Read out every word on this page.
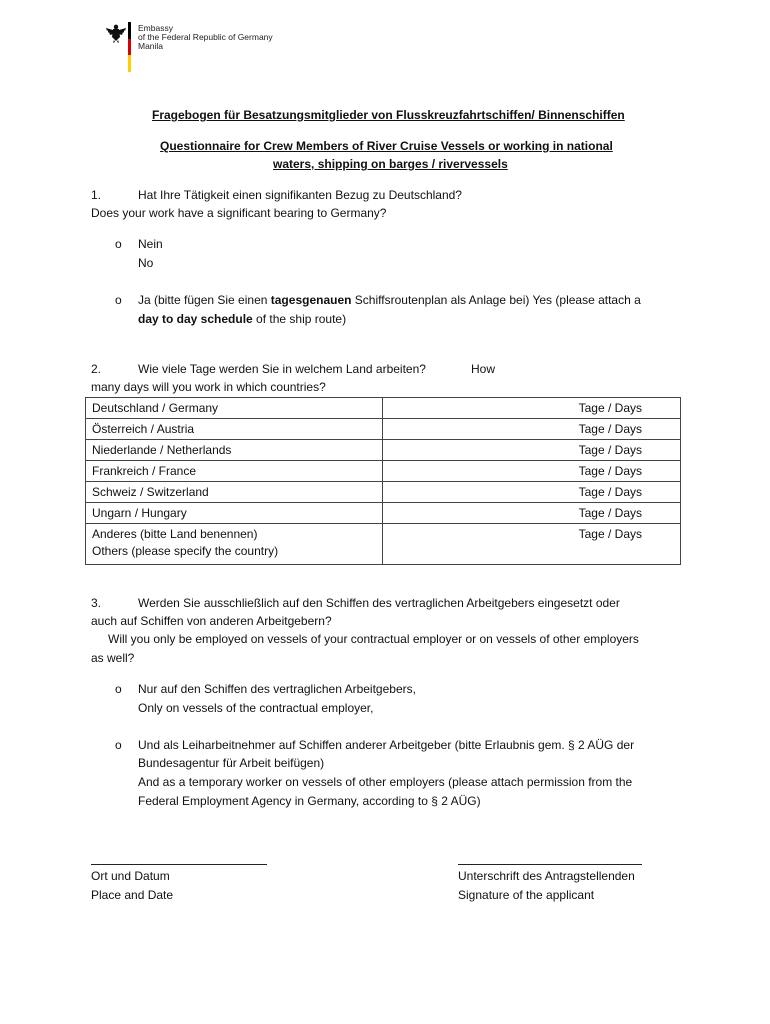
Embassy
of the Federal Republic of Germany
Manila
Fragebogen für Besatzungsmitglieder von Flusskreuzfahrtschiffen/ Binnenschiffen
Questionnaire for Crew Members of River Cruise Vessels or working in national
waters, shipping on barges / rivervessels
1.	Hat Ihre Tätigkeit einen signifikanten Bezug zu Deutschland?
Does your work have a significant bearing to Germany?
o Nein
No
o Ja (bitte fügen Sie einen tagesgenauen Schiffsroutenplan als Anlage bei) Yes (please attach a
day to day schedule of the ship route)
2.	Wie viele Tage werden Sie in welchem Land arbeiten?	How
many days will you work in which countries?
Deutschland / Germany	Tage / Days
Österreich / Austria	Tage / Days
Niederlande / Netherlands	Tage / Days
Frankreich / France	Tage / Days
Schweiz / Switzerland	Tage / Days
Ungarn / Hungary	Tage / Days
Anderes (bitte Land benennen)
Others (please specify the country)	Tage / Days
3.	Werden Sie ausschließlich auf den Schiffen des vertraglichen Arbeitgebers eingesetzt oder
auch auf Schiffen von anderen Arbeitgebern?
Will you only be employed on vessels of your contractual employer or on vessels of other employers
as well?
o Nur auf den Schiffen des vertraglichen Arbeitgebers,
Only on vessels of the contractual employer,
o Und als Leiharbeitnehmer auf Schiffen anderer Arbeitgeber (bitte Erlaubnis gem. § 2 AÜG der
Bundesagentur für Arbeit beifügen)
And as a temporary worker on vessels of other employers (please attach permission from the
Federal Employment Agency in Germany, according to § 2 AÜG)
Ort und Datum
Place and Date
Unterschrift des Antragstellenden
Signature of the applicant
